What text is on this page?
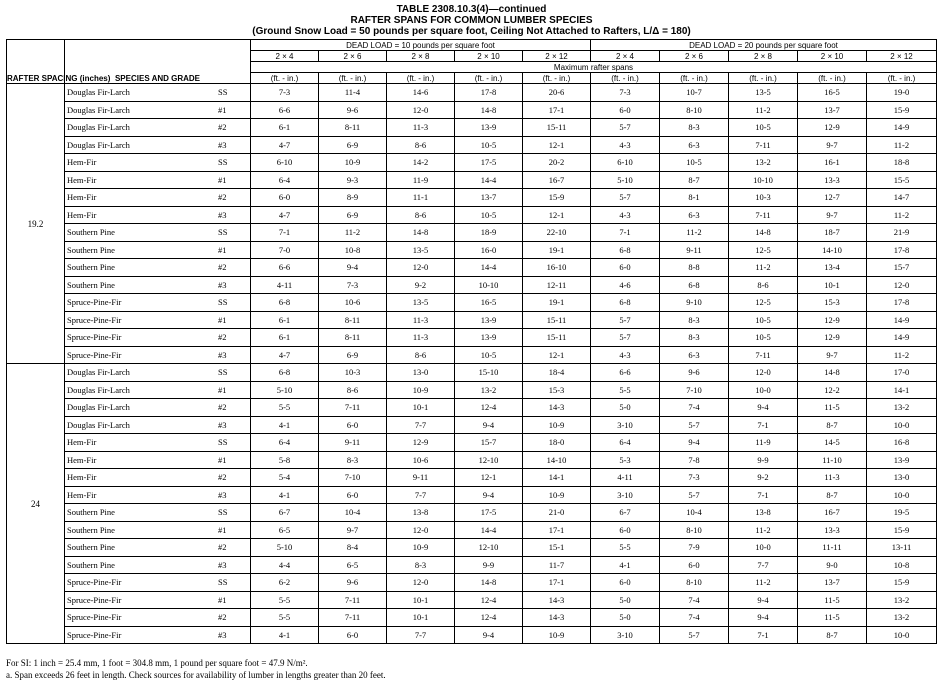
TABLE 2308.10.3(4)—continued
RAFTER SPANS FOR COMMON LUMBER SPECIES
(Ground Snow Load = 50 pounds per square foot, Ceiling Not Attached to Rafters, L/Δ = 180)
RAFTER SPACING (inches)	SPECIES AND GRADE	DEAD LOAD = 10 pounds per square foot					DEAD LOAD = 20 pounds per square foot				
		2 × 4	2 × 6	2 × 8	2 × 10	2 × 12	2 × 4	2 × 6	2 × 8	2 × 10	2 × 12
		Maximum rafter spans									
		(ft. - in.)	(ft. - in.)	(ft. - in.)	(ft. - in.)	(ft. - in.)	(ft. - in.)	(ft. - in.)	(ft. - in.)	(ft. - in.)	(ft. - in.)
19.2	Douglas Fir-Larch SS	7-3	11-4	14-6	17-8	20-6	7-3	10-7	13-5	16-5	19-0

	Douglas Fir-Larch #1	6-6	9-6	12-0	14-8	17-1	6-0	8-10	11-2	13-7	15-9

	Douglas Fir-Larch #2	6-1	8-11	11-3	13-9	15-11	5-7	8-3	10-5	12-9	14-9

	Douglas Fir-Larch #3	4-7	6-9	8-6	10-5	12-1	4-3	6-3	7-11	9-7	11-2

	Hem-Fir SS	6-10	10-9	14-2	17-5	20-2	6-10	10-5	13-2	16-1	18-8

	Hem-Fir #1	6-4	9-3	11-9	14-4	16-7	5-10	8-7	10-10	13-3	15-5

	Hem-Fir #2	6-0	8-9	11-1	13-7	15-9	5-7	8-1	10-3	12-7	14-7

	Hem-Fir #3	4-7	6-9	8-6	10-5	12-1	4-3	6-3	7-11	9-7	11-2

	Southern Pine SS	7-1	11-2	14-8	18-9	22-10	7-1	11-2	14-8	18-7	21-9

	Southern Pine #1	7-0	10-8	13-5	16-0	19-1	6-8	9-11	12-5	14-10	17-8

	Southern Pine #2	6-6	9-4	12-0	14-4	16-10	6-0	8-8	11-2	13-4	15-7

	Southern Pine #3	4-11	7-3	9-2	10-10	12-11	4-6	6-8	8-6	10-1	12-0

	Spruce-Pine-Fir SS	6-8	10-6	13-5	16-5	19-1	6-8	9-10	12-5	15-3	17-8

	Spruce-Pine-Fir #1	6-1	8-11	11-3	13-9	15-11	5-7	8-3	10-5	12-9	14-9

	Spruce-Pine-Fir #2	6-1	8-11	11-3	13-9	15-11	5-7	8-3	10-5	12-9	14-9

	Spruce-Pine-Fir #3	4-7	6-9	8-6	10-5	12-1	4-3	6-3	7-11	9-7	11-2
24	Douglas Fir-Larch SS	6-8	10-3	13-0	15-10	18-4	6-6	9-6	12-0	14-8	17-0

	Douglas Fir-Larch #1	5-10	8-6	10-9	13-2	15-3	5-5	7-10	10-0	12-2	14-1

	Douglas Fir-Larch #2	5-5	7-11	10-1	12-4	14-3	5-0	7-4	9-4	11-5	13-2

	Douglas Fir-Larch #3	4-1	6-0	7-7	9-4	10-9	3-10	5-7	7-1	8-7	10-0

	Hem-Fir SS	6-4	9-11	12-9	15-7	18-0	6-4	9-4	11-9	14-5	16-8

	Hem-Fir #1	5-8	8-3	10-6	12-10	14-10	5-3	7-8	9-9	11-10	13-9

	Hem-Fir #2	5-4	7-10	9-11	12-1	14-1	4-11	7-3	9-2	11-3	13-0

	Hem-Fir #3	4-1	6-0	7-7	9-4	10-9	3-10	5-7	7-1	8-7	10-0

	Southern Pine SS	6-7	10-4	13-8	17-5	21-0	6-7	10-4	13-8	16-7	19-5

	Southern Pine #1	6-5	9-7	12-0	14-4	17-1	6-0	8-10	11-2	13-3	15-9

	Southern Pine #2	5-10	8-4	10-9	12-10	15-1	5-5	7-9	10-0	11-11	13-11

	Southern Pine #3	4-4	6-5	8-3	9-9	11-7	4-1	6-0	7-7	9-0	10-8

	Spruce-Pine-Fir SS	6-2	9-6	12-0	14-8	17-1	6-0	8-10	11-2	13-7	15-9

	Spruce-Pine-Fir #1	5-5	7-11	10-1	12-4	14-3	5-0	7-4	9-4	11-5	13-2

	Spruce-Pine-Fir #2	5-5	7-11	10-1	12-4	14-3	5-0	7-4	9-4	11-5	13-2

	Spruce-Pine-Fir #3	4-1	6-0	7-7	9-4	10-9	3-10	5-7	7-1	8-7	10-0
For SI: 1 inch = 25.4 mm, 1 foot = 304.8 mm, 1 pound per square foot = 47.9 N/m².
a. Span exceeds 26 feet in length. Check sources for availability of lumber in lengths greater than 20 feet.
